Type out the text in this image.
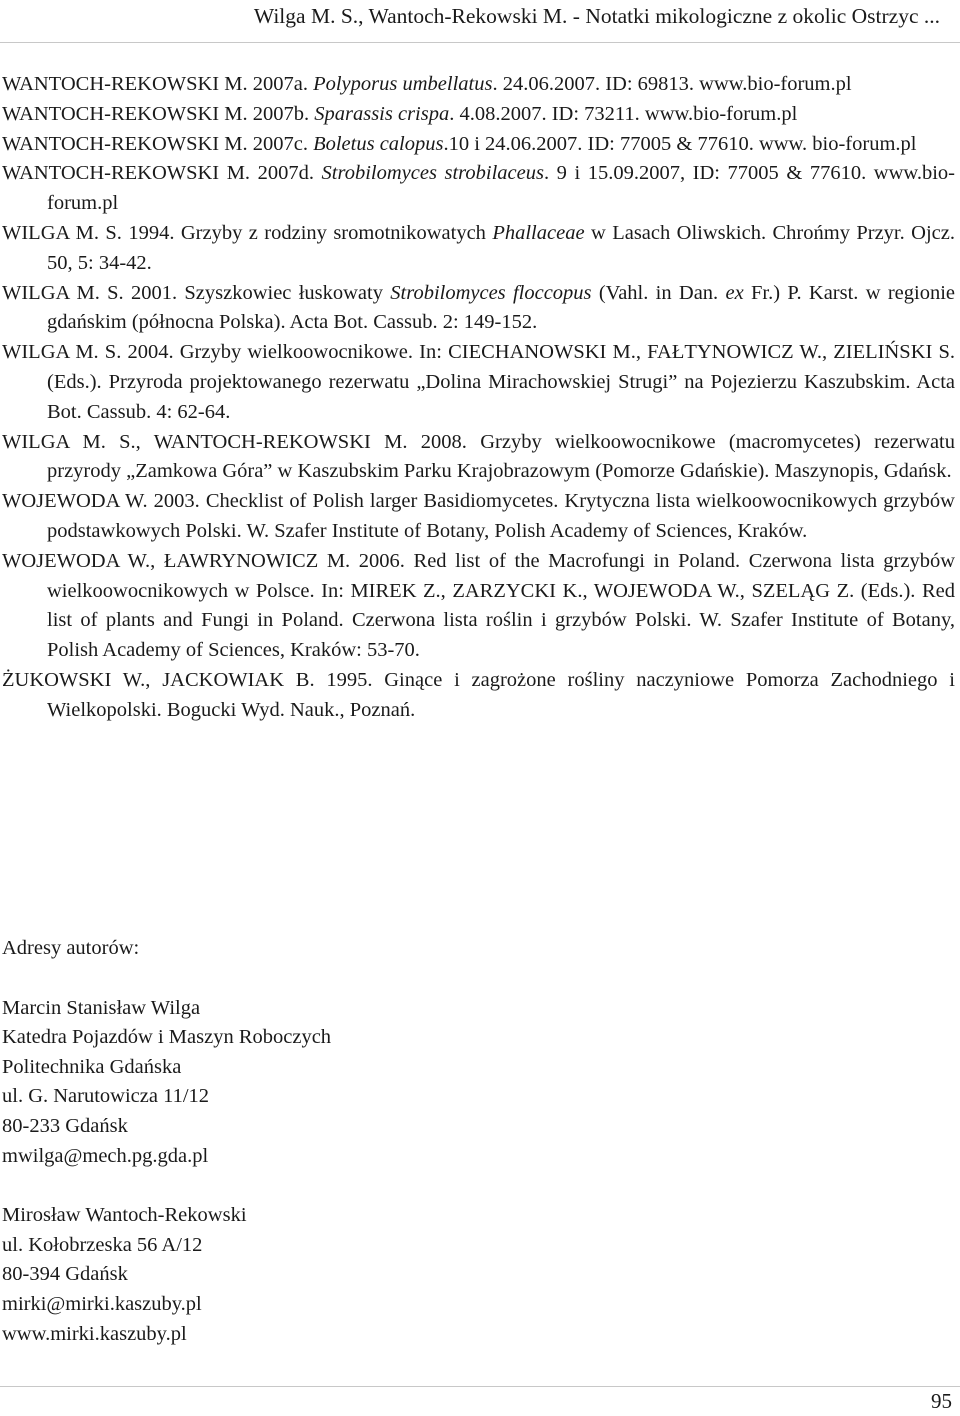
Wilga M. S., Wantoch-Rekowski M. - Notatki mikologiczne z okolic Ostrzyc ...
WANTOCH-REKOWSKI M. 2007a. Polyporus umbellatus. 24.06.2007. ID: 69813. www.bio-forum.pl
WANTOCH-REKOWSKI M. 2007b. Sparassis crispa. 4.08.2007. ID: 73211. www.bio-forum.pl
WANTOCH-REKOWSKI M. 2007c. Boletus calopus.10 i 24.06.2007. ID: 77005 & 77610. www. bio-forum.pl
WANTOCH-REKOWSKI M. 2007d. Strobilomyces strobilaceus. 9 i 15.09.2007, ID: 77005 & 77610. www.bio-forum.pl
WILGA M. S. 1994. Grzyby z rodziny sromotnikowatych Phallaceae w Lasach Oliwskich. Chrońmy Przyr. Ojcz. 50, 5: 34-42.
WILGA M. S. 2001. Szyszkowiec łuskowaty Strobilomyces floccopus (Vahl. in Dan. ex Fr.) P. Karst. w regionie gdańskim (północna Polska). Acta Bot. Cassub. 2: 149-152.
WILGA M. S. 2004. Grzyby wielkoowocnikowe. In: CIECHANOWSKI M., FAŁTYNOWICZ W., ZIELIŃSKI S. (Eds.). Przyroda projektowanego rezerwatu „Dolina Mirachowskiej Strugi” na Pojezierzu Kaszubskim. Acta Bot. Cassub. 4: 62-64.
WILGA M. S., WANTOCH-REKOWSKI M. 2008. Grzyby wielkoowocnikowe (macromycetes) rezerwatu przyrody „Zamkowa Góra” w Kaszubskim Parku Krajobrazowym (Pomorze Gdańskie). Maszynopis, Gdańsk.
WOJEWODA W. 2003. Checklist of Polish larger Basidiomycetes. Krytyczna lista wielkoowocnikowych grzybów podstawkowych Polski. W. Szafer Institute of Botany, Polish Academy of Sciences, Kraków.
WOJEWODA W., ŁAWRYNOWICZ M. 2006. Red list of the Macrofungi in Poland. Czerwona lista grzybów wielkoowocnikowych w Polsce. In: MIREK Z., ZARZYCKI K., WOJEWODA W., SZELĄG Z. (Eds.). Red list of plants and Fungi in Poland. Czerwona lista roślin i grzybów Polski. W. Szafer Institute of Botany, Polish Academy of Sciences, Kraków: 53-70.
ŻUKOWSKI W., JACKOWIAK B. 1995. Ginące i zagrożone rośliny naczyniowe Pomorza Zachodniego i Wielkopolski. Bogucki Wyd. Nauk., Poznań.
Adresy autorów:
Marcin Stanisław Wilga
Katedra Pojazdów i Maszyn Roboczych
Politechnika Gdańska
ul. G. Narutowicza 11/12
80-233 Gdańsk
mwilga@mech.pg.gda.pl
Mirosław Wantoch-Rekowski
ul. Kołobrzeska 56 A/12
80-394 Gdańsk
mirki@mirki.kaszuby.pl
www.mirki.kaszuby.pl
95
